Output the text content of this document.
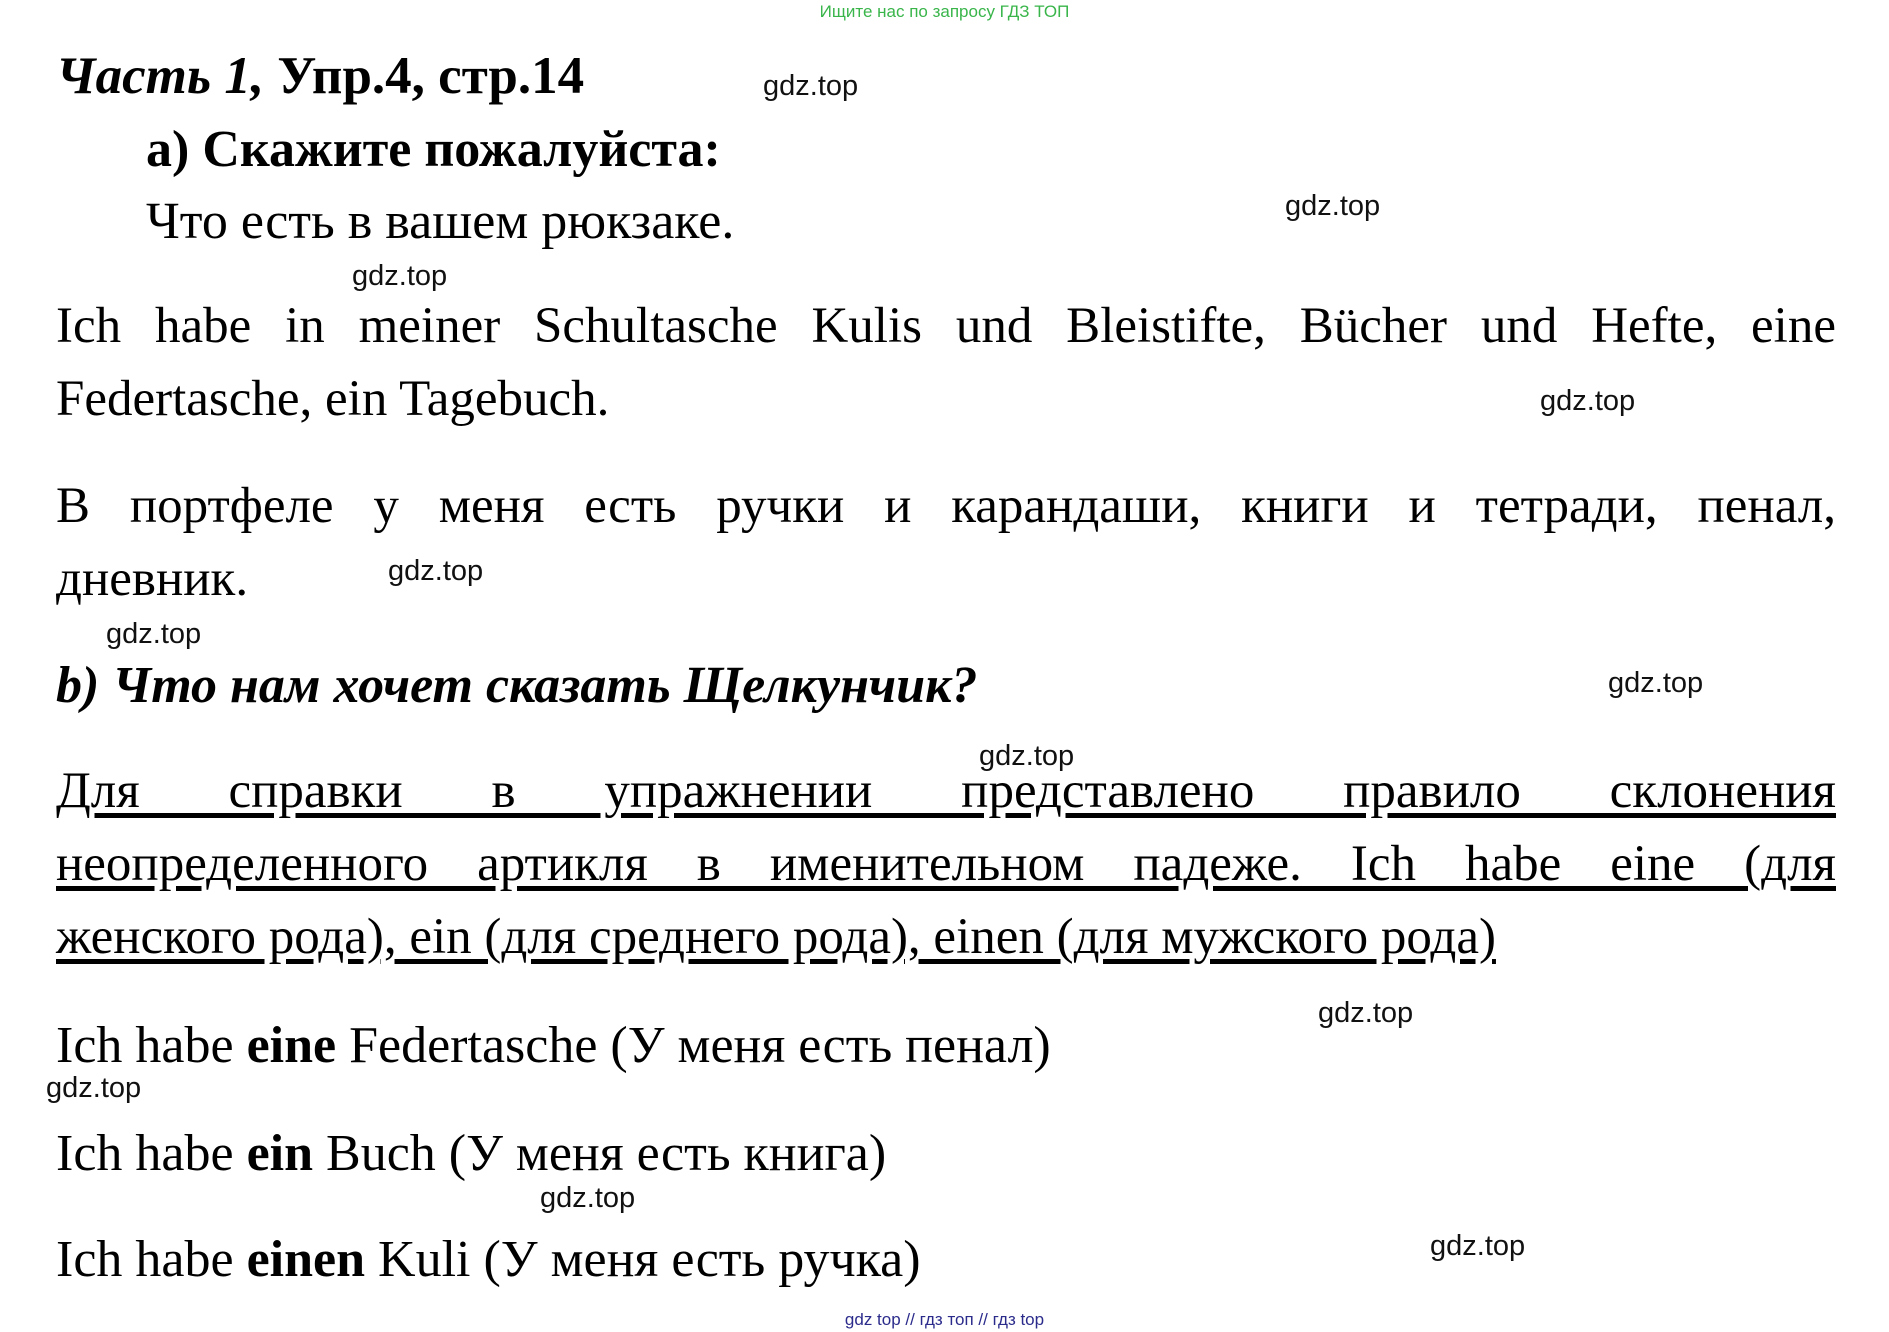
Ищите нас по запросу ГДЗ ТОП
Часть 1, Упр.4, стр.14
a) Скажите пожалуйста:
Что есть в вашем рюкзаке.
Ich habe in meiner Schultasche Kulis und Bleistifte, Bücher und Hefte, eine
Federtasche, ein Tagebuch.
В портфеле у меня есть ручки и карандаши, книги и тетради, пенал,
дневник.
b) Что нам хочет сказать Щелкунчик?
Для справки в упражнении представлено правило склонения
неопределенного артикля в именительном падеже. Ich habe eine (для
женского рода), ein (для среднего рода), einen (для мужского рода)
Ich habe eine Federtasche (У меня есть пенал)
Ich habe ein Buch (У меня есть книга)
Ich habe einen Kuli (У меня есть ручка)
gdz.top
gdz.top
gdz.top
gdz.top
gdz.top
gdz.top
gdz.top
gdz.top
gdz.top
gdz.top
gdz.top
gdz.top
gdz top // гдз топ // гдз top
